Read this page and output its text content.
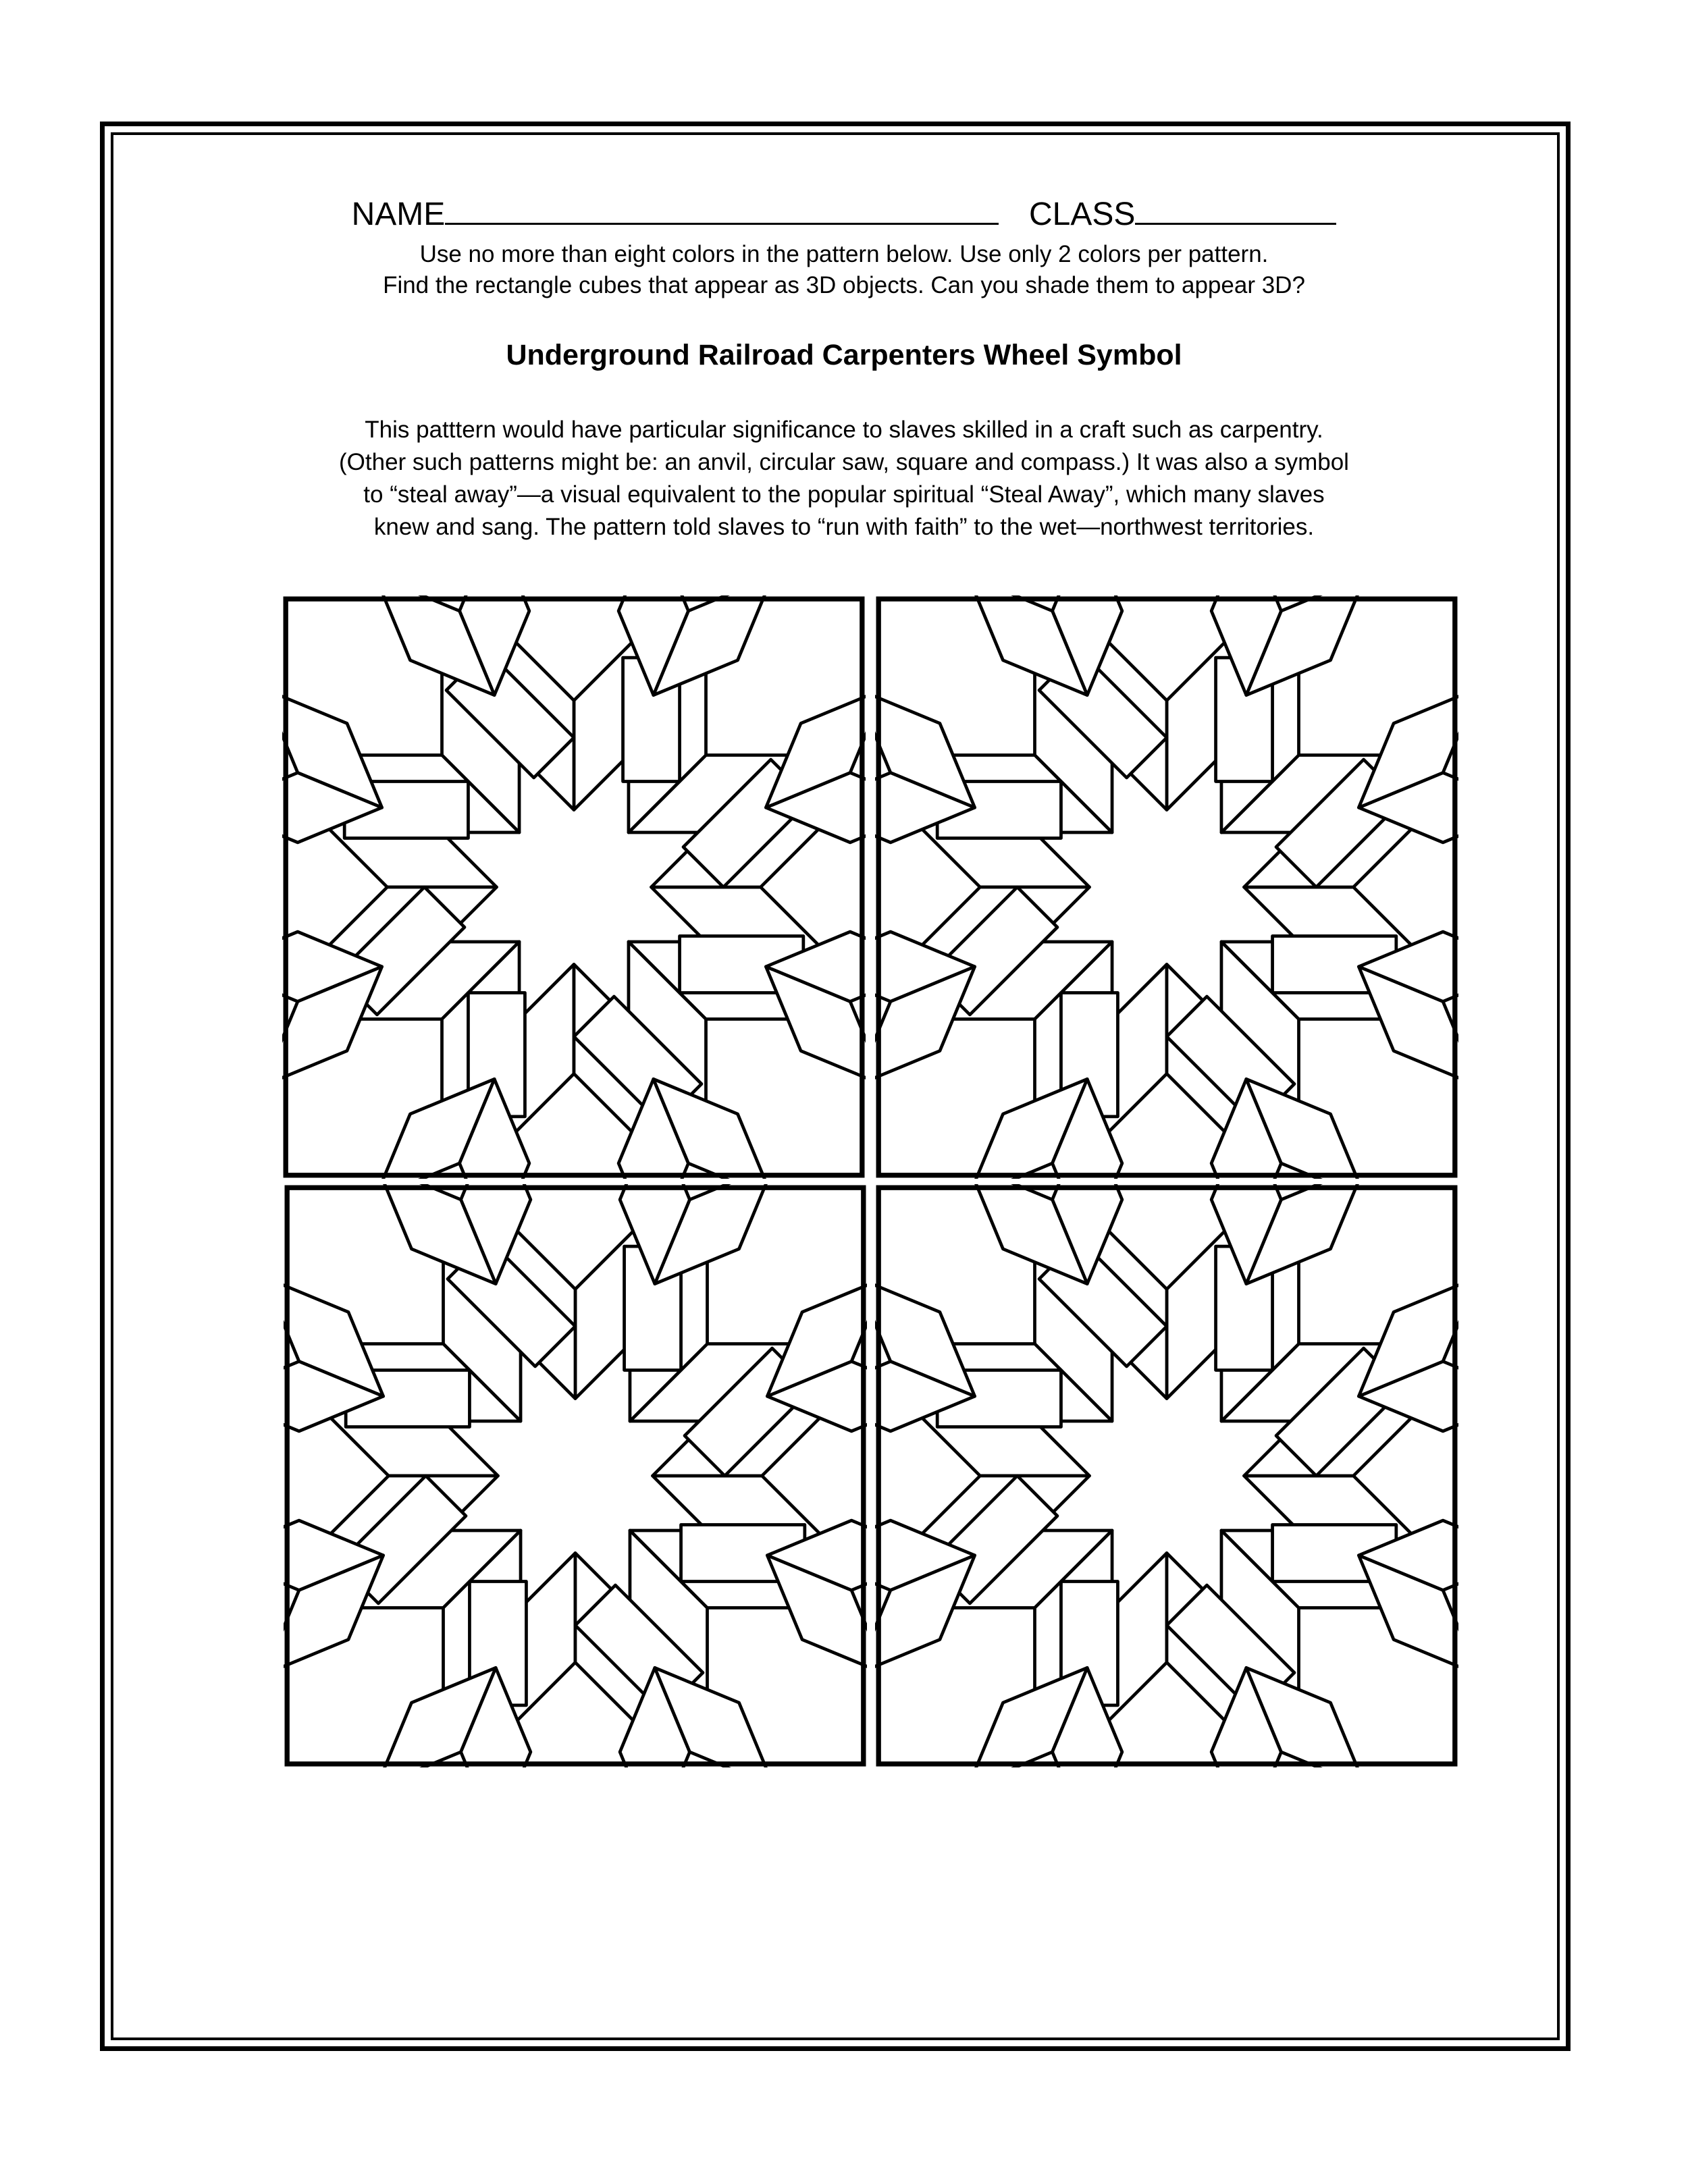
NAME	CLASS
Use no more than eight colors in the pattern below. Use only 2 colors per pattern.
Find the rectangle cubes that appear as 3D objects. Can you shade them to appear 3D?
Underground Railroad Carpenters Wheel Symbol
This patttern would have particular significance to slaves skilled in a craft such as carpentry.
(Other such patterns might be: an anvil, circular saw, square and compass.) It was also a symbol
to “steal away”—a visual equivalent to the popular spiritual “Steal Away”, which many slaves
knew and sang. The pattern told slaves to “run with faith” to the wet—northwest territories.
